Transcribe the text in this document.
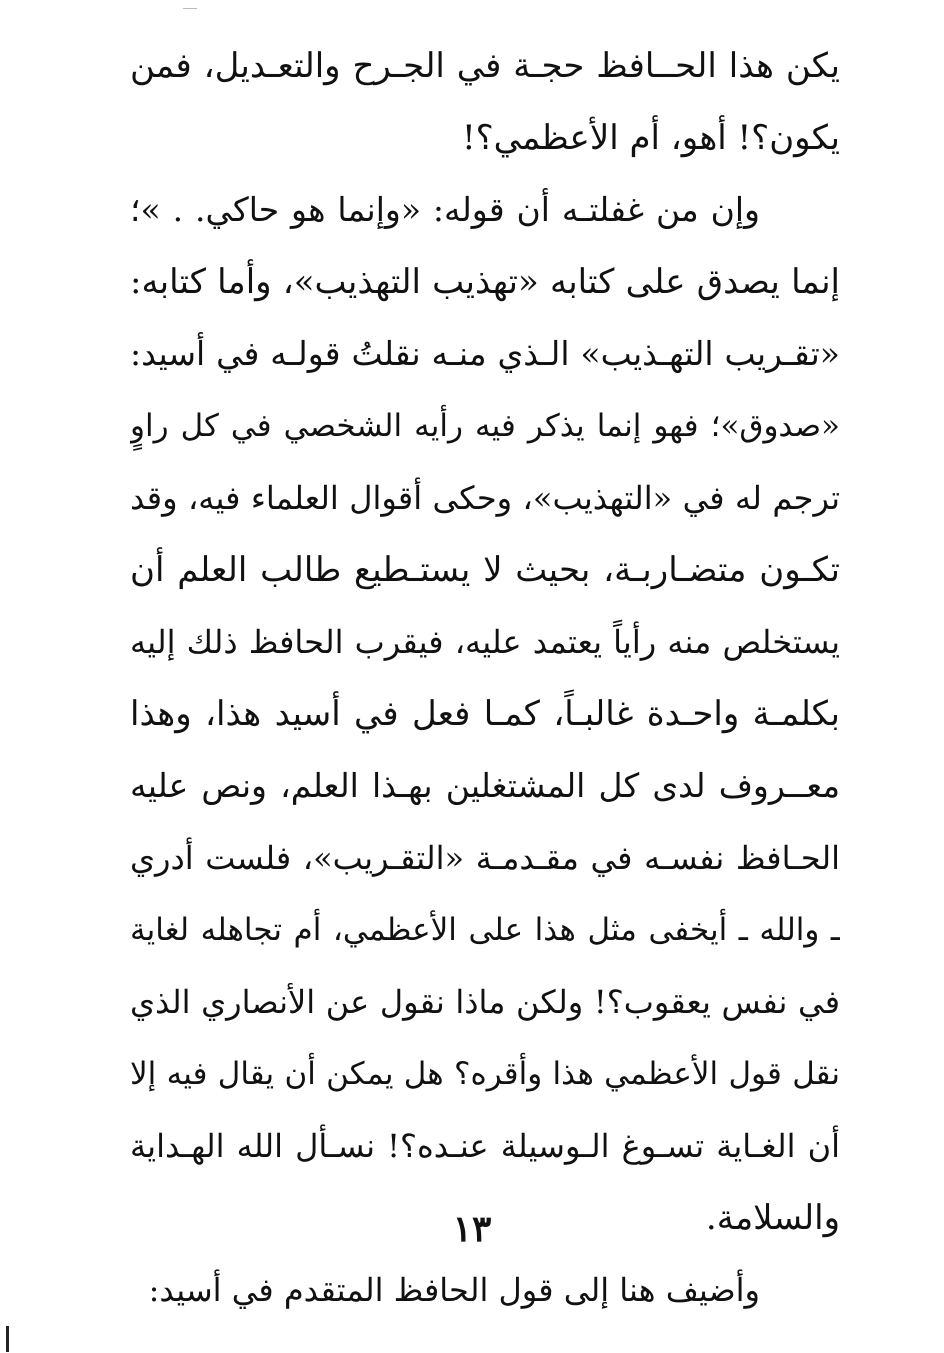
يكن هذا الحــافظ حجـة في الجـرح والتعـديل، فمن
يكون؟! أهو، أم الأعظمي؟!
وإن من غفلتـه أن قوله: «وإنما هو حاكي. . »؛
إنما يصدق على كتابه «تهذيب التهذيب»، وأما كتابه:
«تقـريب التهـذيب» الـذي منـه نقلتُ قولـه في أسيد:
«صدوق»؛ فهو إنما يذكر فيه رأيه الشخصي في كل راوٍ
ترجم له في «التهذيب»، وحكى أقوال العلماء فيه، وقد
تكـون متضـاربـة، بحيث لا يستـطيع طالب العلم أن
يستخلص منه رأياً يعتمد عليه، فيقرب الحافظ ذلك إليه
بكلمـة واحـدة غالبـاً، كمـا فعل في أسيد هذا، وهذا
معــروف لدى كل المشتغلين بهـذا العلم، ونص عليه
الحـافظ نفسـه في مقـدمـة «التقـريب»، فلست أدري
ـ والله ـ أيخفى مثل هذا على الأعظمي، أم تجاهله لغاية
في نفس يعقوب؟! ولكن ماذا نقول عن الأنصاري الذي
نقل قول الأعظمي هذا وأقره؟ هل يمكن أن يقال فيه إلا
أن الغـاية تسـوغ الـوسيلة عنـده؟! نسـأل الله الهـداية
والسلامة.
وأضيف هنا إلى قول الحافظ المتقدم في أسيد:
١٣
